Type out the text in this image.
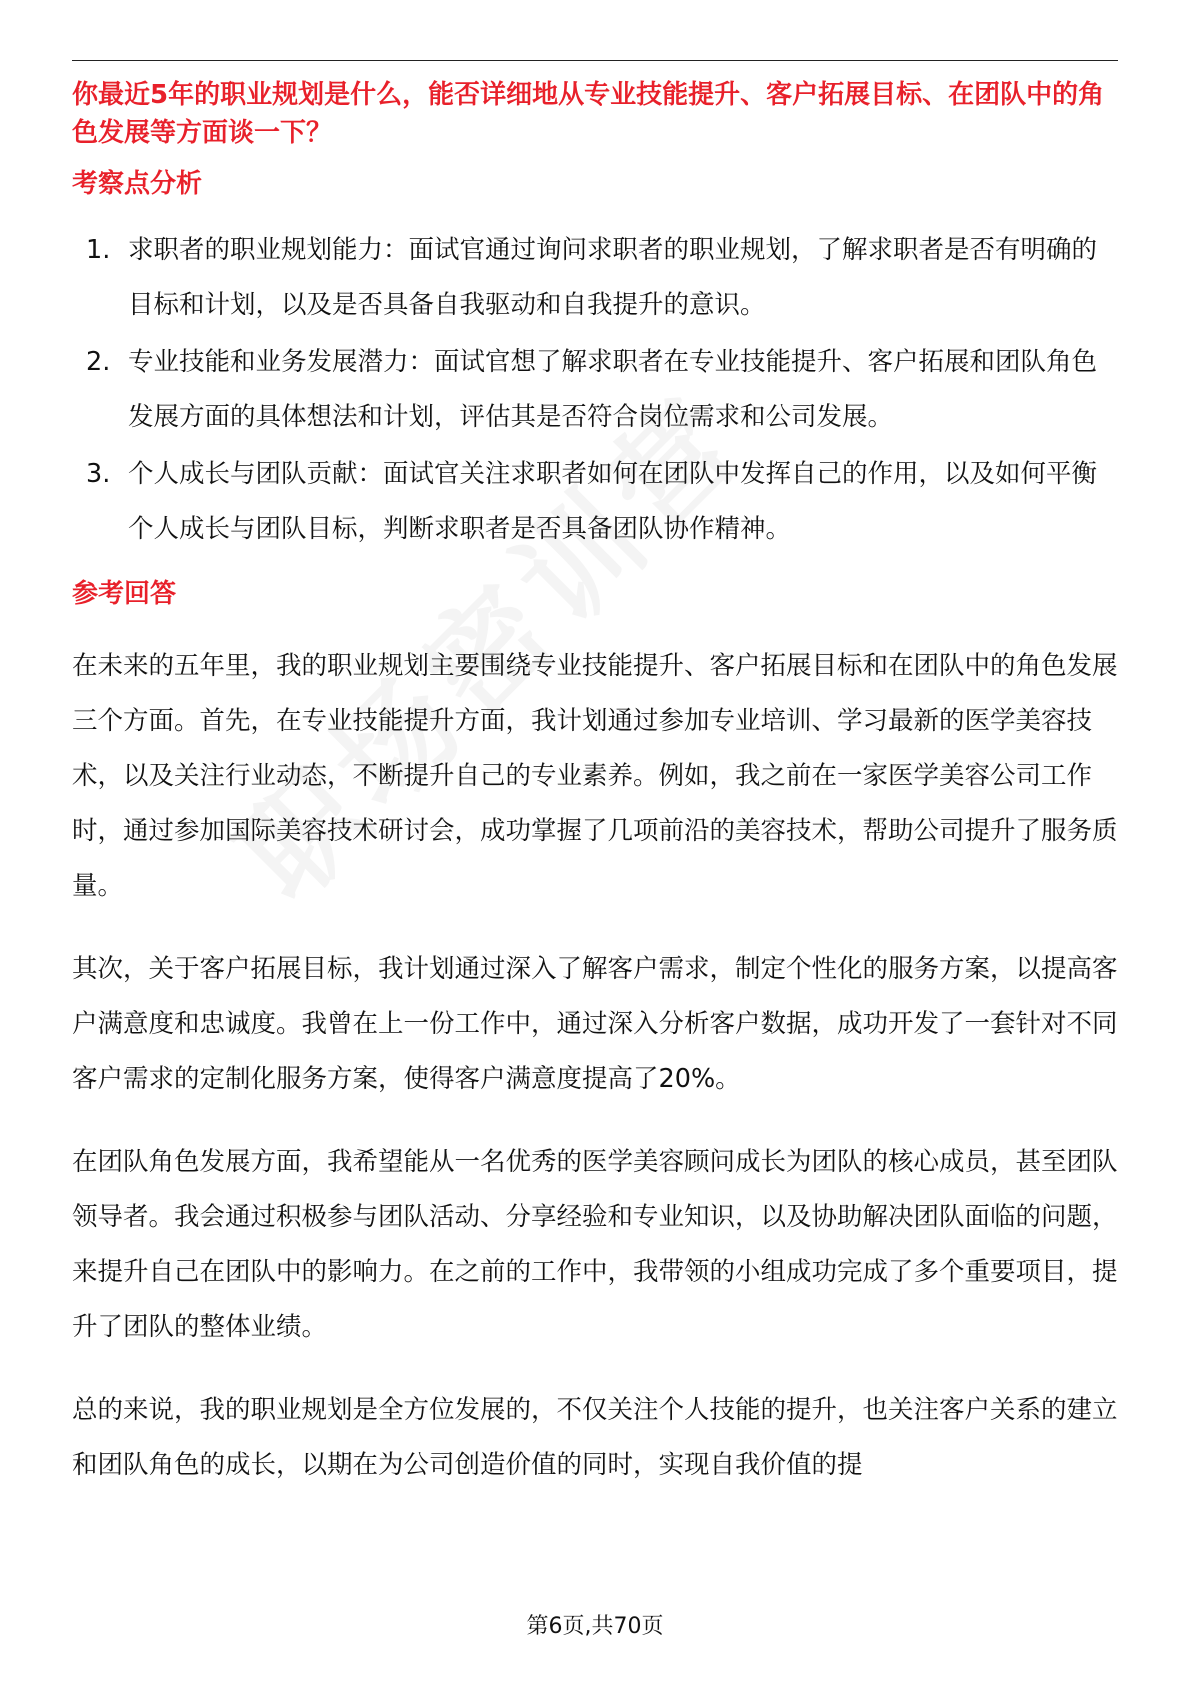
你最近5年的职业规划是什么，能否详细地从专业技能提升、客户拓展目标、在团队中的角色发展等方面谈一下？

考察点分析
1. 求职者的职业规划能力：面试官通过询问求职者的职业规划，了解求职者是否有明确的目标和计划，以及是否具备自我驱动和自我提升的意识。
2. 专业技能和业务发展潜力：面试官想了解求职者在专业技能提升、客户拓展和团队角色发展方面的具体想法和计划，评估其是否符合岗位需求和公司发展。
3. 个人成长与团队贡献：面试官关注求职者如何在团队中发挥自己的作用，以及如何平衡个人成长与团队目标，判断求职者是否具备团队协作精神。
参考回答

在未来的五年里，我的职业规划主要围绕专业技能提升、客户拓展目标和在团队中的角色发展三个方面。首先，在专业技能提升方面，我计划通过参加专业培训、学习最新的医学美容技术，以及关注行业动态，不断提升自己的专业素养。例如，我之前在一家医学美容公司工作时，通过参加国际美容技术研讨会，成功掌握了几项前沿的美容技术，帮助公司提升了服务质量。

其次，关于客户拓展目标，我计划通过深入了解客户需求，制定个性化的服务方案，以提高客户满意度和忠诚度。我曾在上一份工作中，通过深入分析客户数据，成功开发了一套针对不同客户需求的定制化服务方案，使得客户满意度提高了20%。

在团队角色发展方面，我希望能从一名优秀的医学美容顾问成长为团队的核心成员，甚至团队领导者。我会通过积极参与团队活动、分享经验和专业知识，以及协助解决团队面临的问题，来提升自己在团队中的影响力。在之前的工作中，我带领的小组成功完成了多个重要项目，提升了团队的整体业绩。

总的来说，我的职业规划是全方位发展的，不仅关注个人技能的提升，也关注客户关系的建立和团队角色的成长，以期在为公司创造价值的同时，实现自我价值的提

第6页,共70页
